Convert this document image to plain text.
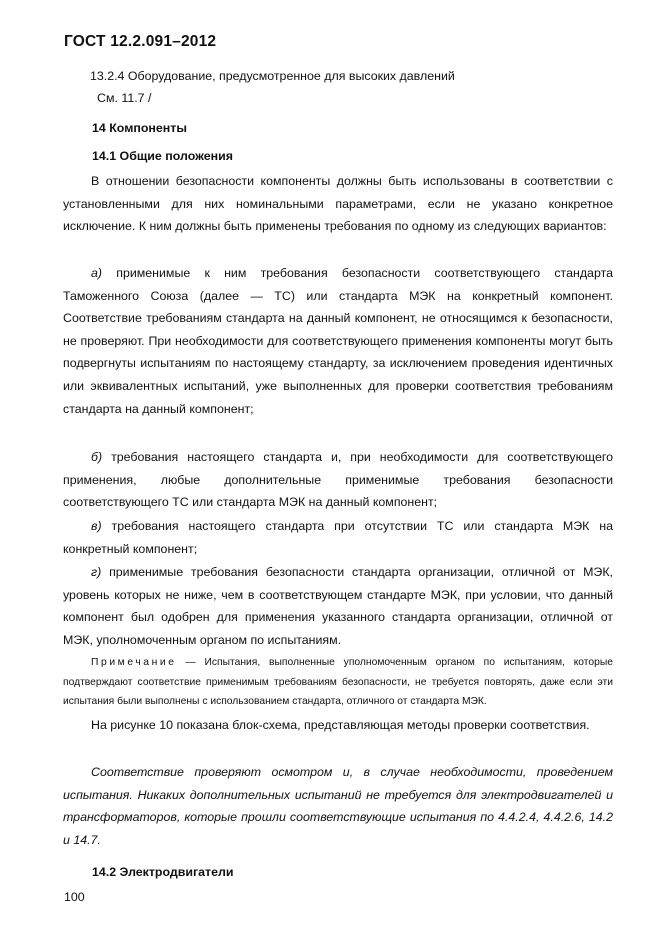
ГОСТ 12.2.091–2012
13.2.4 Оборудование, предусмотренное для высоких давлений
См. 11.7 /
14 Компоненты
14.1 Общие положения

В отношении безопасности компоненты должны быть использованы в соответствии с установленными для них номинальными параметрами, если не указано конкретное исключение. К ним должны быть применены требования по одному из следующих вариантов:

а) применимые к ним требования безопасности соответствующего стандарта Таможенного Союза (далее — ТС) или стандарта МЭК на конкретный компонент. Соответствие требованиям стандарта на данный компонент, не относящимся к безопасности, не проверяют. При необходимости для соответствующего применения компоненты могут быть подвергнуты испытаниям по настоящему стандарту, за исключением проведения идентичных или эквивалентных испытаний, уже выполненных для проверки соответствия требованиям стандарта на данный компонент;

б) требования настоящего стандарта и, при необходимости для соответствующего применения, любые дополнительные применимые требования безопасности соответствующего ТС или стандарта МЭК на данный компонент;

в) требования настоящего стандарта при отсутствии ТС или стандарта МЭК на конкретный компонент;

г) применимые требования безопасности стандарта организации, отличной от МЭК, уровень которых не ниже, чем в соответствующем стандарте МЭК, при условии, что данный компонент был одобрен для применения указанного стандарта организации, отличной от МЭК, уполномоченным органом по испытаниям.

Примечание — Испытания, выполненные уполномоченным органом по испытаниям, которые подтверждают соответствие применимым требованиям безопасности, не требуется повторять, даже если эти испытания были выполнены с использованием стандарта, отличного от стандарта МЭК.

На рисунке 10 показана блок-схема, представляющая методы проверки соответствия.

Соответствие проверяют осмотром и, в случае необходимости, проведением испытания. Никаких дополнительных испытаний не требуется для электродвигателей и трансформаторов, которые прошли соответствующие испытания по 4.4.2.4, 4.4.2.6, 14.2 и 14.7.

14.2 Электродвигатели
100
